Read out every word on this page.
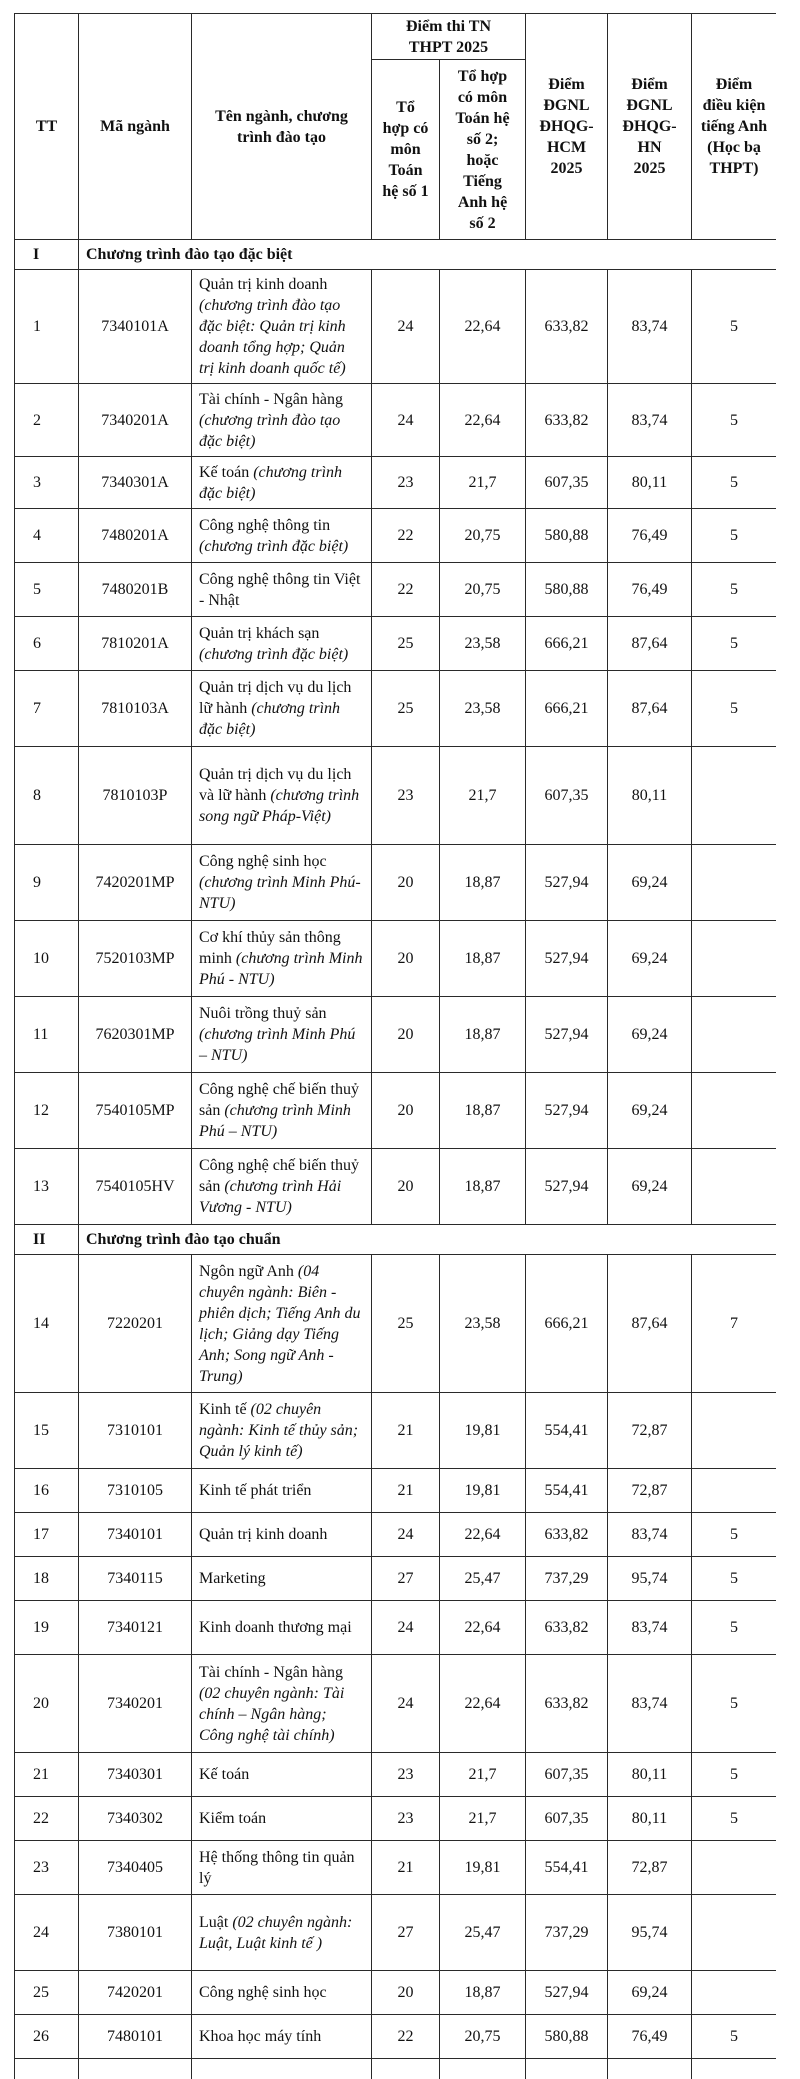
TT	Mã ngành	Tên ngành, chương trình đào tạo	Điểm thi TN THPT 2025		Điểm ĐGNL ĐHQG-HCM 2025	Điểm ĐGNL ĐHQG-HN 2025	Điểm điều kiện tiếng Anh (Học bạ THPT)
			Tổ hợp có môn Toán hệ số 1	Tổ hợp có môn Toán hệ số 2; hoặc Tiếng Anh hệ số 2			
I	Chương trình đào tạo đặc biệt						
1	7340101A	Quản trị kinh doanh (chương trình đào tạo đặc biệt: Quản trị kinh doanh tổng hợp; Quản trị kinh doanh quốc tế)	24	22,64	633,82	83,74	5
2	7340201A	Tài chính - Ngân hàng (chương trình đào tạo đặc biệt)	24	22,64	633,82	83,74	5
3	7340301A	Kế toán (chương trình đặc biệt)	23	21,7	607,35	80,11	5
4	7480201A	Công nghệ thông tin (chương trình đặc biệt)	22	20,75	580,88	76,49	5
5	7480201B	Công nghệ thông tin Việt - Nhật	22	20,75	580,88	76,49	5
6	7810201A	Quản trị khách sạn (chương trình đặc biệt)	25	23,58	666,21	87,64	5
7	7810103A	Quản trị dịch vụ du lịch lữ hành (chương trình đặc biệt)	25	23,58	666,21	87,64	5
8	7810103P	Quản trị dịch vụ du lịch và lữ hành (chương trình song ngữ Pháp-Việt)	23	21,7	607,35	80,11	
9	7420201MP	Công nghệ sinh học (chương trình Minh Phú-NTU)	20	18,87	527,94	69,24	
10	7520103MP	Cơ khí thủy sản thông minh (chương trình Minh Phú - NTU)	20	18,87	527,94	69,24	
11	7620301MP	Nuôi trồng thuỷ sản (chương trình Minh Phú – NTU)	20	18,87	527,94	69,24	
12	7540105MP	Công nghệ chế biến thuỷ sản (chương trình Minh Phú – NTU)	20	18,87	527,94	69,24	
13	7540105HV	Công nghệ chế biến thuỷ sản (chương trình Hải Vương - NTU)	20	18,87	527,94	69,24	
II	Chương trình đào tạo chuẩn						
14	7220201	Ngôn ngữ Anh (04 chuyên ngành: Biên - phiên dịch; Tiếng Anh du lịch; Giảng dạy Tiếng Anh; Song ngữ Anh - Trung)	25	23,58	666,21	87,64	7
15	7310101	Kinh tế (02 chuyên ngành: Kinh tế thủy sản; Quản lý kinh tế)	21	19,81	554,41	72,87	
16	7310105	Kinh tế phát triển	21	19,81	554,41	72,87	
17	7340101	Quản trị kinh doanh	24	22,64	633,82	83,74	5
18	7340115	Marketing	27	25,47	737,29	95,74	5
19	7340121	Kinh doanh thương mại	24	22,64	633,82	83,74	5
20	7340201	Tài chính - Ngân hàng (02 chuyên ngành: Tài chính – Ngân hàng; Công nghệ tài chính)	24	22,64	633,82	83,74	5
21	7340301	Kế toán	23	21,7	607,35	80,11	5
22	7340302	Kiểm toán	23	21,7	607,35	80,11	5
23	7340405	Hệ thống thông tin quản lý	21	19,81	554,41	72,87	
24	7380101	Luật (02 chuyên ngành: Luật, Luật kinh tế )	27	25,47	737,29	95,74	
25	7420201	Công nghệ sinh học	20	18,87	527,94	69,24	
26	7480101	Khoa học máy tính	22	20,75	580,88	76,49	5
